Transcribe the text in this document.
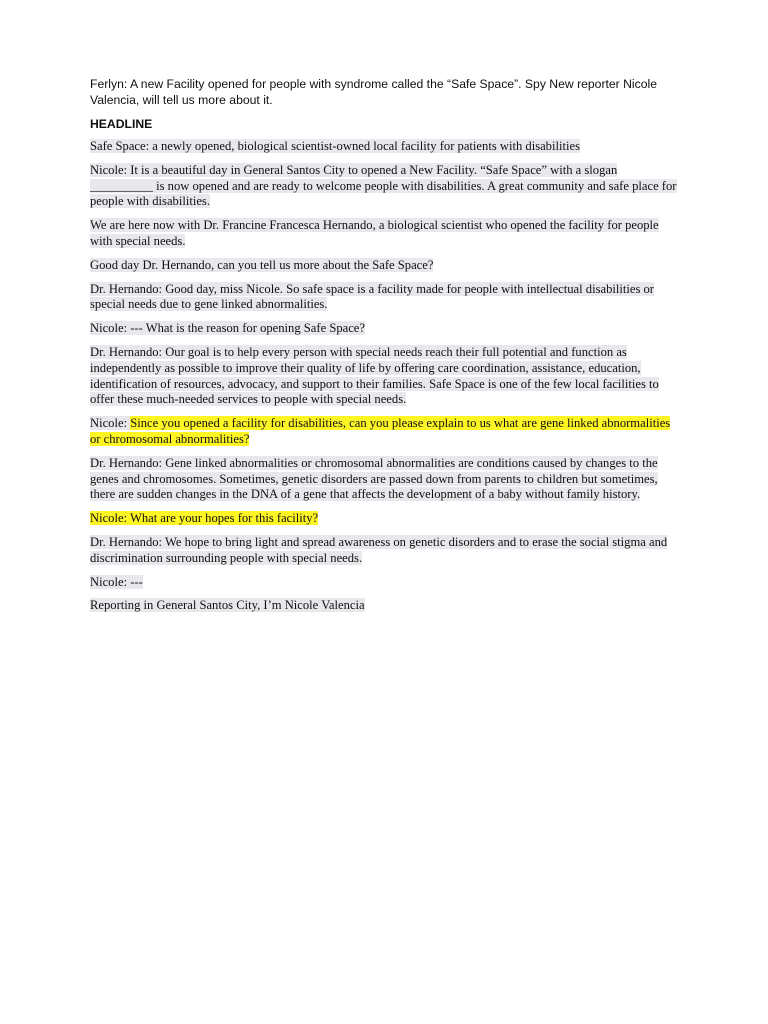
Ferlyn: A new Facility opened for people with syndrome called the “Safe Space”. Spy New reporter Nicole Valencia, will tell us more about it.

HEADLINE

Safe Space: a newly opened, biological scientist-owned local facility for patients with disabilities

Nicole: It is a beautiful day in General Santos City to opened a New Facility. “Safe Space” with a slogan __________ is now opened and are ready to welcome people with disabilities. A great community and safe place for people with disabilities.

We are here now with Dr. Francine Francesca Hernando, a biological scientist who opened the facility for people with special needs.

Good day Dr. Hernando, can you tell us more about the Safe Space?

Dr. Hernando: Good day, miss Nicole. So safe space is a facility made for people with intellectual disabilities or special needs due to gene linked abnormalities.

Nicole: --- What is the reason for opening Safe Space?

Dr. Hernando: Our goal is to help every person with special needs reach their full potential and function as independently as possible to improve their quality of life by offering care coordination, assistance, education, identification of resources, advocacy, and support to their families. Safe Space is one of the few local facilities to offer these much-needed services to people with special needs.

Nicole: Since you opened a facility for disabilities, can you please explain to us what are gene linked abnormalities or chromosomal abnormalities?

Dr. Hernando: Gene linked abnormalities or chromosomal abnormalities are conditions caused by changes to the genes and chromosomes. Sometimes, genetic disorders are passed down from parents to children but sometimes, there are sudden changes in the DNA of a gene that affects the development of a baby without family history.

Nicole: What are your hopes for this facility?

Dr. Hernando: We hope to bring light and spread awareness on genetic disorders and to erase the social stigma and discrimination surrounding people with special needs.

Nicole: ---

Reporting in General Santos City, I’m Nicole Valencia
